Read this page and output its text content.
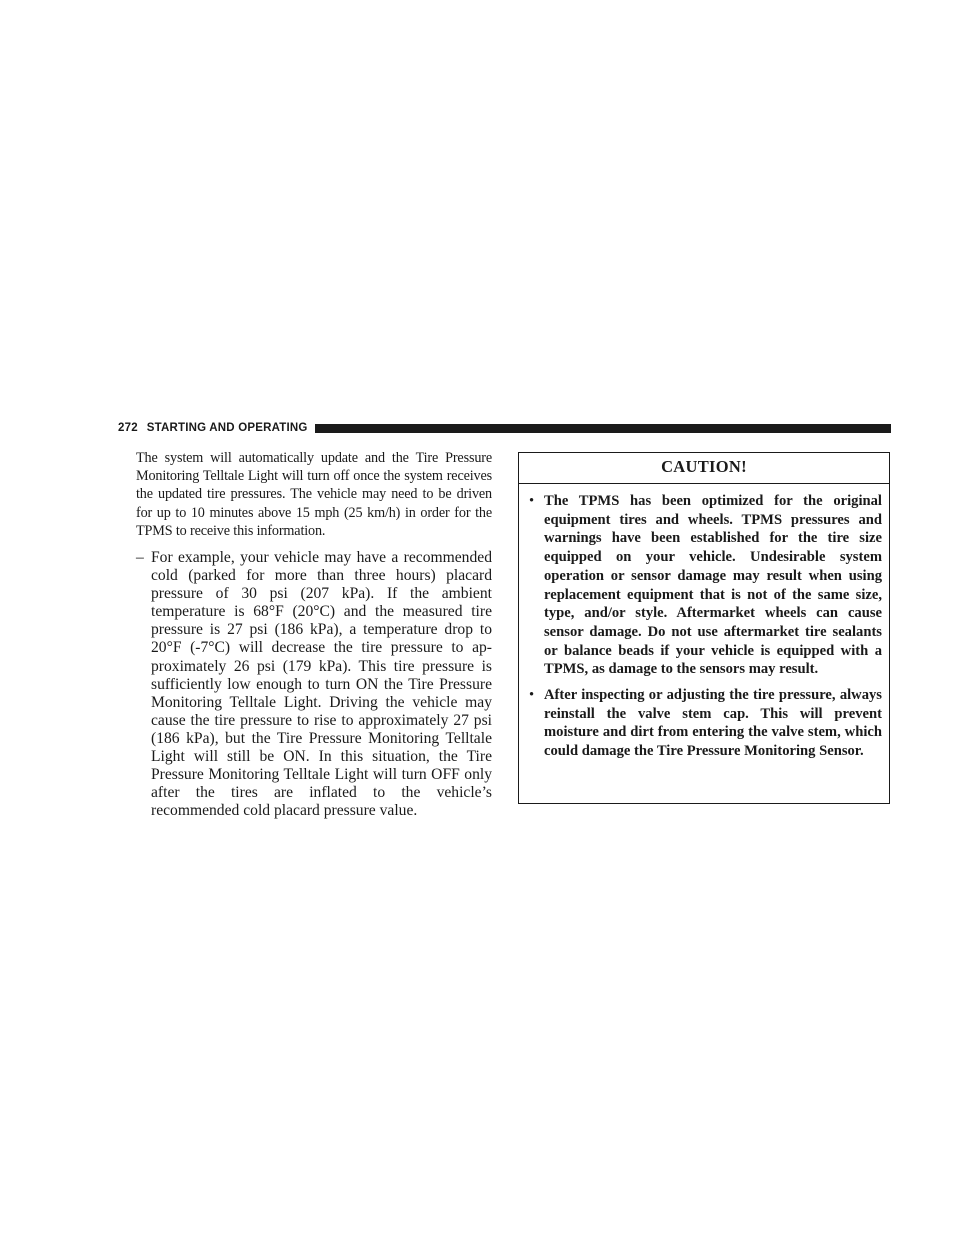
272 STARTING AND OPERATING

The system will automatically update and the Tire Pressure Monitoring Telltale Light will turn off once the system receives the updated tire pressures. The vehicle may need to be driven for up to 10 minutes above 15 mph (25 km/h) in order for the TPMS to receive this information.

– For example, your vehicle may have a recommended cold (parked for more than three hours) placard pressure of 30 psi (207 kPa). If the ambient temperature is 68°F (20°C) and the measured tire pressure is 27 psi (186 kPa), a temperature drop to 20°F (-7°C) will decrease the tire pressure to approximately 26 psi (179 kPa). This tire pressure is sufficiently low enough to turn ON the Tire Pressure Monitoring Telltale Light. Driving the vehicle may cause the tire pressure to rise to approximately 27 psi (186 kPa), but the Tire Pressure Monitoring Telltale Light will still be ON. In this situation, the Tire Pressure Monitoring Telltale Light will turn OFF only after the tires are inflated to the vehicle’s recommended cold placard pressure value.
CAUTION!
• The TPMS has been optimized for the original equipment tires and wheels. TPMS pressures and warnings have been established for the tire size equipped on your vehicle. Undesirable system operation or sensor damage may result when using replacement equipment that is not of the same size, type, and/or style. Aftermarket wheels can cause sensor damage. Do not use aftermarket tire sealants or balance beads if your vehicle is equipped with a TPMS, as damage to the sensors may result.
• After inspecting or adjusting the tire pressure, always reinstall the valve stem cap. This will prevent moisture and dirt from entering the valve stem, which could damage the Tire Pressure Monitoring Sensor.
